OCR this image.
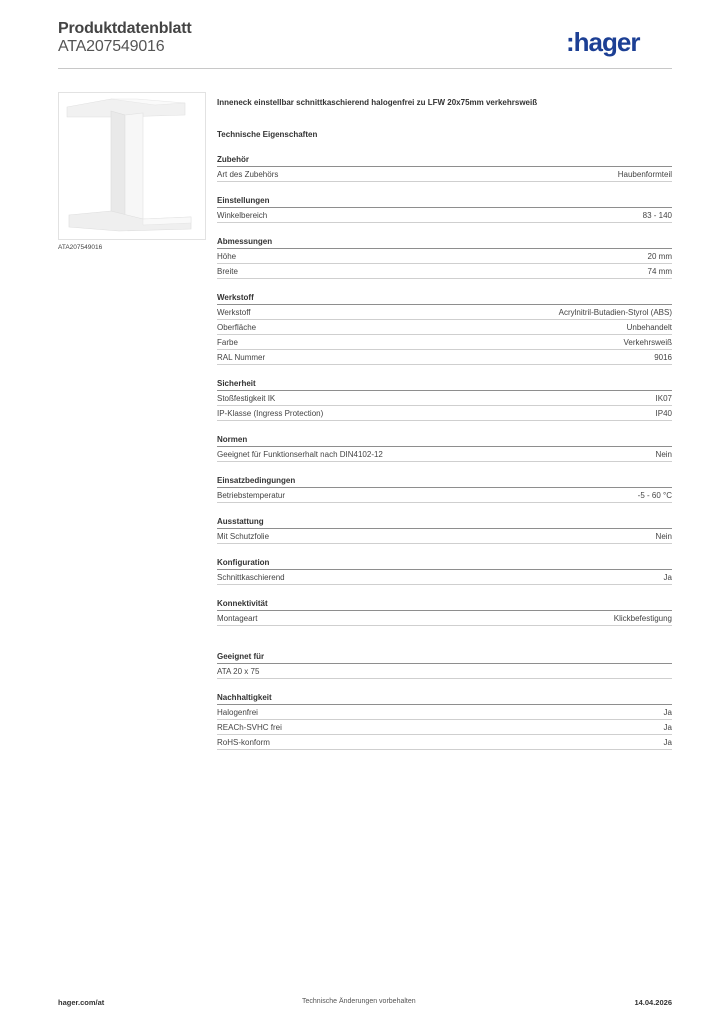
Produktdatenblatt
ATA207549016	:hager
ATA207549016
Inneneck einstellbar schnittkaschierend halogenfrei zu LFW 20x75mm verkehrsweiß
Technische Eigenschaften
Zubehör
Art des Zubehörs	Haubenformteil
Einstellungen
Winkelbereich	83 - 140
Abmessungen
Höhe	20 mm
Breite	74 mm
Werkstoff
Werkstoff	Acrylnitril-Butadien-Styrol (ABS)
Oberfläche	Unbehandelt
Farbe	Verkehrsweiß
RAL Nummer	9016
Sicherheit
Stoßfestigkeit IK	IK07
IP-Klasse (Ingress Protection)	IP40
Normen
Geeignet für Funktionserhalt nach DIN4102-12	Nein
Einsatzbedingungen
Betriebstemperatur	-5 - 60 °C
Ausstattung
Mit Schutzfolie	Nein
Konfiguration
Schnittkaschierend	Ja
Konnektivität
Montageart	Klickbefestigung
Geeignet für
ATA 20 x 75
Nachhaltigkeit
Halogenfrei	Ja
REACh-SVHC frei	Ja
RoHS-konform	Ja
hager.com/at	Technische Änderungen vorbehalten	14.04.2026
